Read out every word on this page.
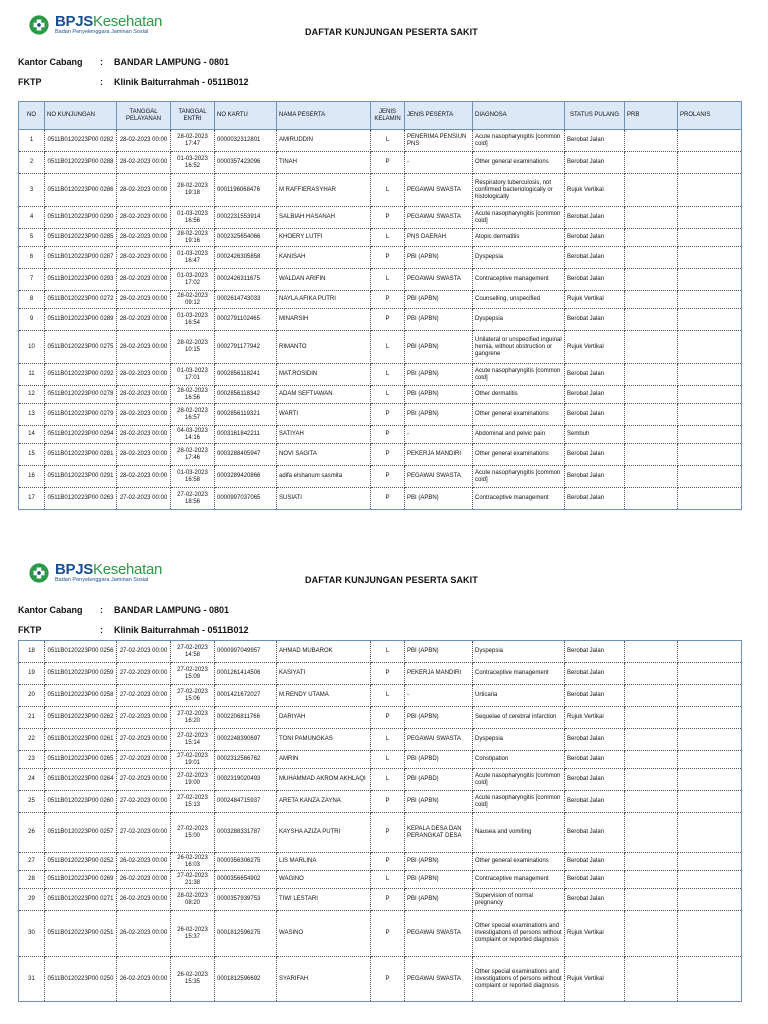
BPJSKesehatan
Badan Penyelenggara Jaminan Sosial	DAFTAR KUNJUNGAN PESERTA SAKIT
Kantor Cabang : BANDAR LAMPUNG - 0801
FKTP	: Klinik Baiturrahmah - 0511B012
NO	NO KUNJUNGAN	TANGGAL PELAYANAN	TANGGAL ENTRI	NO KARTU	NAMA PESERTA	JENIS KELAMIN	JENIS PESERTA	DIAGNOSA	STATUS PULANG	PRB	PROLANIS
1	0511B0120223P00 0282	28-02-2023 00:00	28-02-2023 17:47	0000032312801	AMIRUDDIN	L	PENERIMA PENSIUN PNS	Acute nasopharyngitis [common cold]	Berobat Jalan		
2	0511B0120223P00 0288	28-02-2023 00:00	01-03-2023 16:52	0000357423096	TINAH	P	-	Other general examinations	Berobat Jalan		
3	0511B0120223P00 0286	28-02-2023 00:00	28-02-2023 19:18	0001196068476	M RAFFIERASYHAR	L	PEGAWAI SWASTA	Respiratory tuberculosis, not confirmed bacteriologically or histologically	Rujuk Vertikal		
4	0511B0120223P00 0290	28-02-2023 00:00	01-03-2023 16:56	0002231553914	SALBIAH HASANAH	P	PEGAWAI SWASTA	Acute nasopharyngitis [common cold]	Berobat Jalan		
5	0511B0120223P00 0285	28-02-2023 00:00	28-02-2023 19:16	0002325654066	KHOERY LUTFI	L	PNS DAERAH	Atopic dermatitis	Berobat Jalan		
6	0511B0120223P00 0287	28-02-2023 00:00	01-03-2023 16:47	0002426305858	KANISAH	P	PBI (APBN)	Dyspepsia	Berobat Jalan		
7	0511B0120223P00 0293	28-02-2023 00:00	01-03-2023 17:02	0002426311675	WALDAN ARIFIN	L	PEGAWAI SWASTA	Contraceptive management	Berobat Jalan		
8	0511B0120223P00 0272	28-02-2023 00:00	28-02-2023 09:12	0002614743033	NAYLA AFIKA PUTRI	P	PBI (APBN)	Counselling, unspecified	Rujuk Vertikal		
9	0511B0120223P00 0289	28-02-2023 00:00	01-03-2023 16:54	0002791102465	MINARSIH	P	PBI (APBN)	Dyspepsia	Berobat Jalan		
10	0511B0120223P00 0275	28-02-2023 00:00	28-02-2023 10:15	0002791177942	RIMANTO	L	PBI (APBN)	Unilateral or unspecified inguinal hernia, without obstruction or gangrene	Rujuk Vertikal		
11	0511B0120223P00 0292	28-02-2023 00:00	01-03-2023 17:01	0002856118241	MAT.ROSIDIN	L	PBI (APBN)	Acute nasopharyngitis [common cold]	Berobat Jalan		
12	0511B0120223P00 0278	28-02-2023 00:00	28-02-2023 16:56	0002856118342	ADAM SEFTIAWAN	L	PBI (APBN)	Other dermatitis	Berobat Jalan		
13	0511B0120223P00 0279	28-02-2023 00:00	28-02-2023 16:57	0002856119321	WARTI	P	PBI (APBN)	Other general examinations	Berobat Jalan		
14	0511B0120223P00 0294	28-02-2023 00:00	04-03-2023 14:16	0003161842211	SATIYAH	P	-	Abdominal and pelvic pain	Sembuh		
15	0511B0120223P00 0281	28-02-2023 00:00	28-02-2023 17:46	0003288405947	NOVI SAGITA	P	PEKERJA MANDIRI	Other general examinations	Berobat Jalan		
16	0511B0120223P00 0291	28-02-2023 00:00	01-03-2023 16:58	0003289420866	adifa elshanum sasmita	P	PEGAWAI SWASTA	Acute nasopharyngitis [common cold]	Berobat Jalan		
17	0511B0120223P00 0263	27-02-2023 00:00	27-02-2023 18:56	0000997037065	SUSIATI	P	PBI (APBN)	Contraceptive management	Berobat Jalan		
BPJSKesehatan
Badan Penyelenggara Jaminan Sosial	DAFTAR KUNJUNGAN PESERTA SAKIT
Kantor Cabang : BANDAR LAMPUNG - 0801
FKTP	: Klinik Baiturrahmah - 0511B012
18	0511B0120223P00 0256	27-02-2023 00:00	27-02-2023 14:58	0000997049957	AHMAD MUBAROK	L	PBI (APBN)	Dyspepsia	Berobat Jalan		
19	0511B0120223P00 0259	27-02-2023 00:00	27-02-2023 15:09	0001261414506	KASIYATI	P	PEKERJA MANDIRI	Contraceptive management	Berobat Jalan		
20	0511B0120223P00 0258	27-02-2023 00:00	27-02-2023 15:06	0001421672027	M.RENDY UTAMA	L	-	Urticaria	Berobat Jalan		
21	0511B0120223P00 0262	27-02-2023 00:00	27-02-2023 16:20	0002206811766	DARIYAH	P	PBI (APBN)	Sequelae of cerebral infarction	Rujuk Vertikal		
22	0511B0120223P00 0261	27-02-2023 00:00	27-02-2023 15:14	0002248390697	TONI PAMUNGKAS	L	PEGAWAI SWASTA	Dyspepsia	Berobat Jalan		
23	0511B0120223P00 0265	27-02-2023 00:00	27-02-2023 19:01	0002312566762	AMRIN	L	PBI (APBD)	Constipation	Berobat Jalan		
24	0511B0120223P00 0264	27-02-2023 00:00	27-02-2023 19:00	0002319020493	MUHAMMAD AKROM AKHLAQI	L	PBI (APBD)	Acute nasopharyngitis [common cold]	Berobat Jalan		
25	0511B0120223P00 0260	27-02-2023 00:00	27-02-2023 15:13	0002484715937	ARETA KANZA ZAYNA	P	PBI (APBN)	Acute nasopharyngitis [common cold]	Berobat Jalan		
26	0511B0120223P00 0257	27-02-2023 00:00	27-02-2023 15:00	0003288331787	KAYSHA AZIZA PUTRI	P	KEPALA DESA DAN PERANGKAT DESA	Nausea and vomiting	Berobat Jalan		
27	0511B0120223P00 0252	26-02-2023 00:00	26-02-2023 16:03	0000356306275	LIS MARLINA	P	PBI (APBN)	Other general examinations	Berobat Jalan		
28	0511B0120223P00 0269	26-02-2023 00:00	27-02-2023 21:38	0000356654902	WAGINO	L	PBI (APBN)	Contraceptive management	Berobat Jalan		
29	0511B0120223P00 0271	26-02-2023 00:00	28-02-2023 08:20	0000357939753	TIWI LESTARI	P	PBI (APBN)	Supervision of normal pregnancy	Berobat Jalan		
30	0511B0120223P00 0251	26-02-2023 00:00	26-02-2023 15:37	0001812596275	WASINO	P	PEGAWAI SWASTA	Other special examinations and investigations of persons without complaint or reported diagnosis	Rujuk Vertikal		
31	0511B0120223P00 0250	26-02-2023 00:00	26-02-2023 15:35	0001812596692	SYARIFAH	P	PEGAWAI SWASTA	Other special examinations and investigations of persons without complaint or reported diagnosis	Rujuk Vertikal		
